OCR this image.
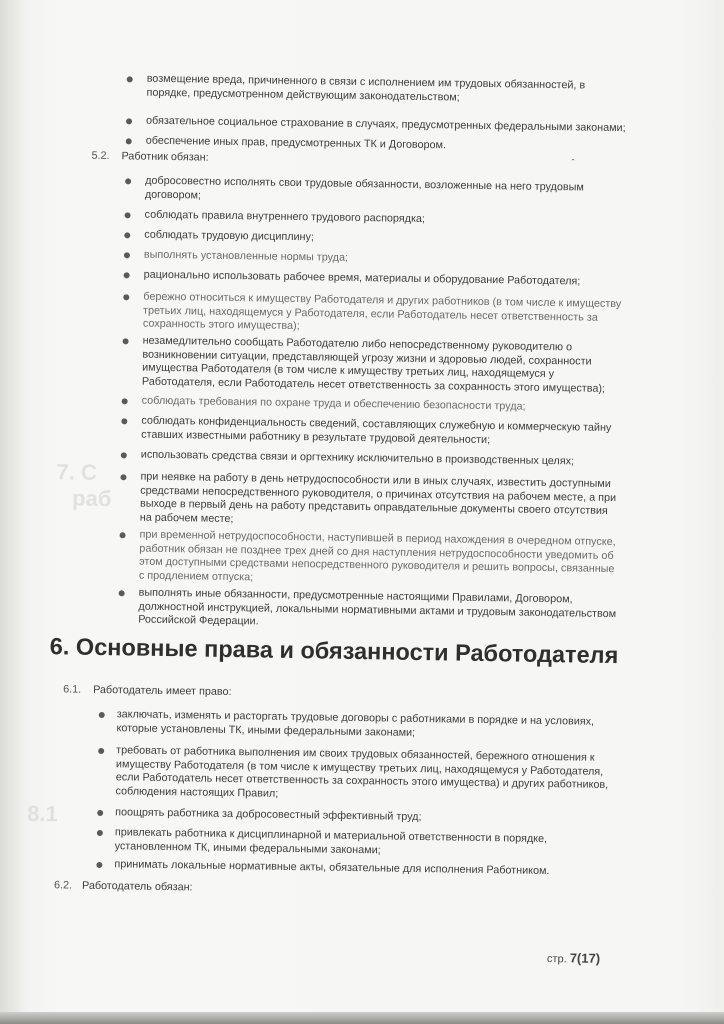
7. С
раб
8.1
возмещение вреда, причиненного в связи с исполнением им трудовых обязанностей, в порядке, предусмотренном действующим законодательством;
обязательное социальное страхование в случаях, предусмотренных федеральными законами;
обеспечение иных прав, предусмотренных ТК и Договором.
5.2. Работник обязан:
ˆ
добросовестно исполнять свои трудовые обязанности, возложенные на него трудовым договором;
соблюдать правила внутреннего трудового распорядка;
соблюдать трудовую дисциплину;
выполнять установленные нормы труда;
рационально использовать рабочее время, материалы и оборудование Работодателя;
бережно относиться к имуществу Работодателя и других работников (в том числе к имуществу третьих лиц, находящемуся у Работодателя, если Работодатель несет ответственность за сохранность этого имущества);
незамедлительно сообщать Работодателю либо непосредственному руководителю о возникновении ситуации, представляющей угрозу жизни и здоровью людей, сохранности имущества Работодателя (в том числе к имуществу третьих лиц, находящемуся у Работодателя, если Работодатель несет ответственность за сохранность этого имущества);
соблюдать требования по охране труда и обеспечению безопасности труда;
соблюдать конфиденциальность сведений, составляющих служебную и коммерческую тайну ставших известными работнику в результате трудовой деятельности;
использовать средства связи и оргтехнику исключительно в производственных целях;
при неявке на работу в день нетрудоспособности или в иных случаях, известить доступными средствами непосредственного руководителя, о причинах отсутствия на рабочем месте, а при выходе в первый день на работу представить оправдательные документы своего отсутствия на рабочем месте;
при временной нетрудоспособности, наступившей в период нахождения в очередном отпуске, работник обязан не позднее трех дней со дня наступления нетрудоспособности уведомить об этом доступными средствами непосредственного руководителя и решить вопросы, связанные с продлением отпуска;
выполнять иные обязанности, предусмотренные настоящими Правилами, Договором, должностной инструкцией, локальными нормативными актами и трудовым законодательством Российской Федерации.
6. Основные права и обязанности Работодателя
6.1. Работодатель имеет право:
заключать, изменять и расторгать трудовые договоры с работниками в порядке и на условиях, которые установлены ТК, иными федеральными законами;
требовать от работника выполнения им своих трудовых обязанностей, бережного отношения к имуществу Работодателя (в том числе к имуществу третьих лиц, находящемуся у Работодателя, если Работодатель несет ответственность за сохранность этого имущества) и других работников, соблюдения настоящих Правил;
поощрять работника за добросовестный эффективный труд;
привлекать работника к дисциплинарной и материальной ответственности в порядке, установленном ТК, иными федеральными законами;
принимать локальные нормативные акты, обязательные для исполнения Работником.
6.2. Работодатель обязан:
стр. 7(17)
